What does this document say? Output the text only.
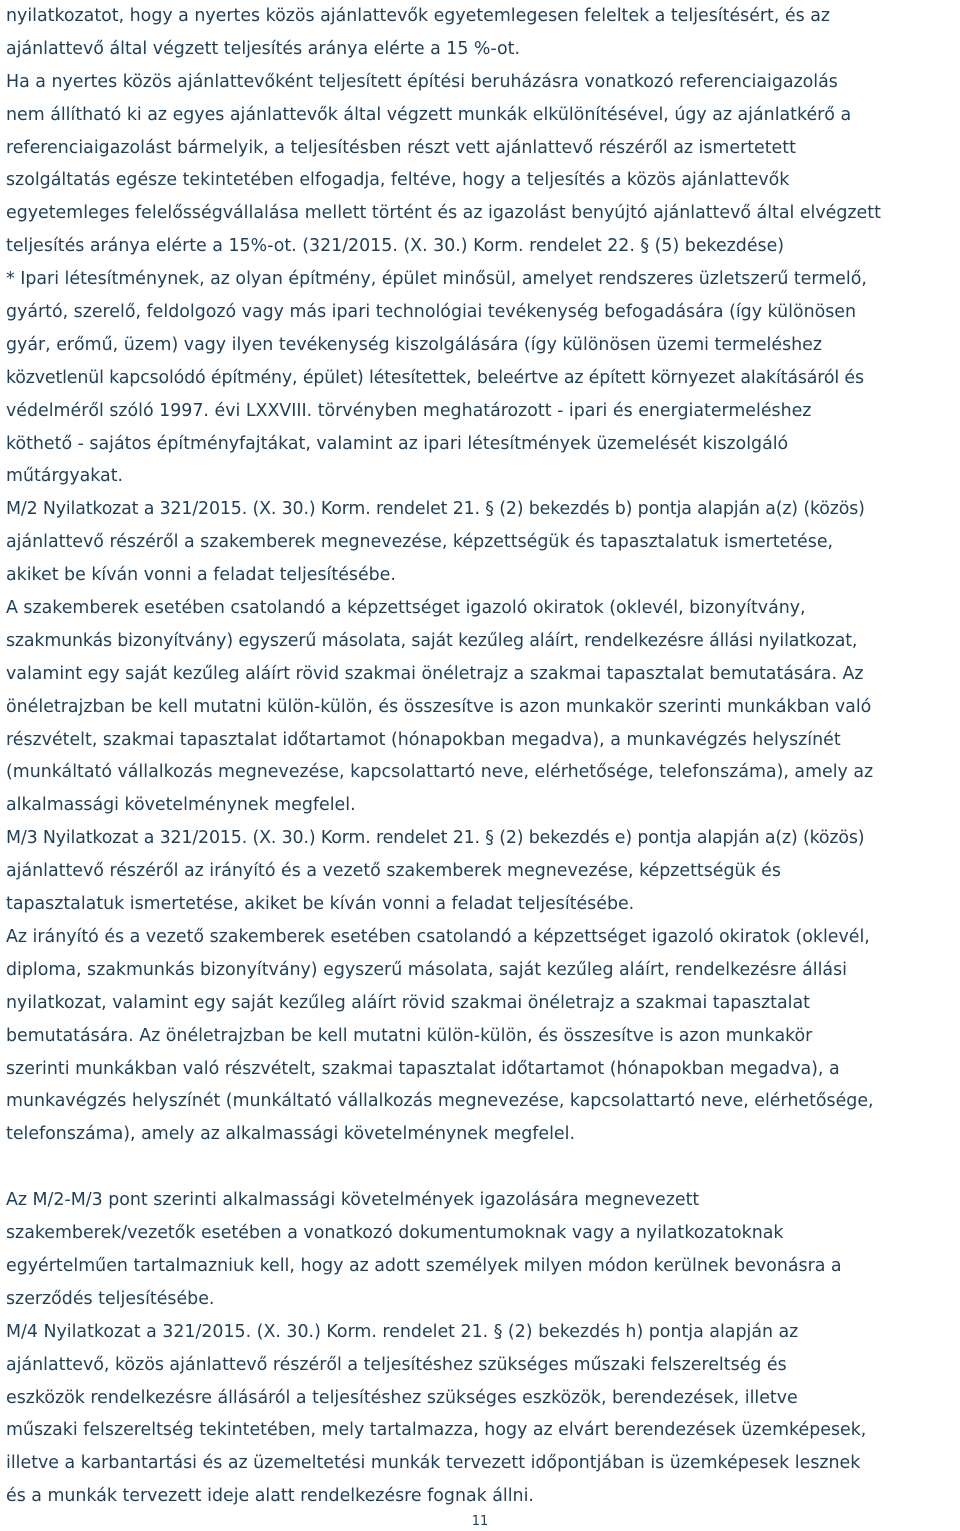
nyilatkozatot, hogy a nyertes közös ajánlattevők egyetemlegesen feleltek a teljesítésért, és az
ajánlattevő által végzett teljesítés aránya elérte a 15 %-ot.
Ha a nyertes közös ajánlattevőként teljesített építési beruházásra vonatkozó referenciaigazolás
nem állítható ki az egyes ajánlattevők által végzett munkák elkülönítésével, úgy az ajánlatkérő a
referenciaigazolást bármelyik, a teljesítésben részt vett ajánlattevő részéről az ismertetett
szolgáltatás egésze tekintetében elfogadja, feltéve, hogy a teljesítés a közös ajánlattevők
egyetemleges felelősségvállalása mellett történt és az igazolást benyújtó ajánlattevő által elvégzett
teljesítés aránya elérte a 15%-ot. (321/2015. (X. 30.) Korm. rendelet 22. § (5) bekezdése)
* Ipari létesítménynek, az olyan építmény, épület minősül, amelyet rendszeres üzletszerű termelő,
gyártó, szerelő, feldolgozó vagy más ipari technológiai tevékenység befogadására (így különösen
gyár, erőmű, üzem) vagy ilyen tevékenység kiszolgálására (így különösen üzemi termeléshez
közvetlenül kapcsolódó építmény, épület) létesítettek, beleértve az épített környezet alakításáról és
védelméről szóló 1997. évi LXXVIII. törvényben meghatározott - ipari és energiatermeléshez
köthető - sajátos építményfajtákat, valamint az ipari létesítmények üzemelését kiszolgáló
műtárgyakat.
M/2 Nyilatkozat a 321/2015. (X. 30.) Korm. rendelet 21. § (2) bekezdés b) pontja alapján a(z) (közös)
ajánlattevő részéről a szakemberek megnevezése, képzettségük és tapasztalatuk ismertetése,
akiket be kíván vonni a feladat teljesítésébe.
A szakemberek esetében csatolandó a képzettséget igazoló okiratok (oklevél, bizonyítvány,
szakmunkás bizonyítvány) egyszerű másolata, saját kezűleg aláírt, rendelkezésre állási nyilatkozat,
valamint egy saját kezűleg aláírt rövid szakmai önéletrajz a szakmai tapasztalat bemutatására. Az
önéletrajzban be kell mutatni külön-külön, és összesítve is azon munkakör szerinti munkákban való
részvételt, szakmai tapasztalat időtartamot (hónapokban megadva), a munkavégzés helyszínét
(munkáltató vállalkozás megnevezése, kapcsolattartó neve, elérhetősége, telefonszáma), amely az
alkalmassági követelménynek megfelel.
M/3 Nyilatkozat a 321/2015. (X. 30.) Korm. rendelet 21. § (2) bekezdés e) pontja alapján a(z) (közös)
ajánlattevő részéről az irányító és a vezető szakemberek megnevezése, képzettségük és
tapasztalatuk ismertetése, akiket be kíván vonni a feladat teljesítésébe.
Az irányító és a vezető szakemberek esetében csatolandó a képzettséget igazoló okiratok (oklevél,
diploma, szakmunkás bizonyítvány) egyszerű másolata, saját kezűleg aláírt, rendelkezésre állási
nyilatkozat, valamint egy saját kezűleg aláírt rövid szakmai önéletrajz a szakmai tapasztalat
bemutatására. Az önéletrajzban be kell mutatni külön-külön, és összesítve is azon munkakör
szerinti munkákban való részvételt, szakmai tapasztalat időtartamot (hónapokban megadva), a
munkavégzés helyszínét (munkáltató vállalkozás megnevezése, kapcsolattartó neve, elérhetősége,
telefonszáma), amely az alkalmassági követelménynek megfelel.
Az M/2-M/3 pont szerinti alkalmassági követelmények igazolására megnevezett
szakemberek/vezetők esetében a vonatkozó dokumentumoknak vagy a nyilatkozatoknak
egyértelműen tartalmazniuk kell, hogy az adott személyek milyen módon kerülnek bevonásra a
szerződés teljesítésébe.
M/4 Nyilatkozat a 321/2015. (X. 30.) Korm. rendelet 21. § (2) bekezdés h) pontja alapján az
ajánlattevő, közös ajánlattevő részéről a teljesítéshez szükséges műszaki felszereltség és
eszközök rendelkezésre állásáról a teljesítéshez szükséges eszközök, berendezések, illetve
műszaki felszereltség tekintetében, mely tartalmazza, hogy az elvárt berendezések üzemképesek,
illetve a karbantartási és az üzemeltetési munkák tervezett időpontjában is üzemképesek lesznek
és a munkák tervezett ideje alatt rendelkezésre fognak állni.
11
